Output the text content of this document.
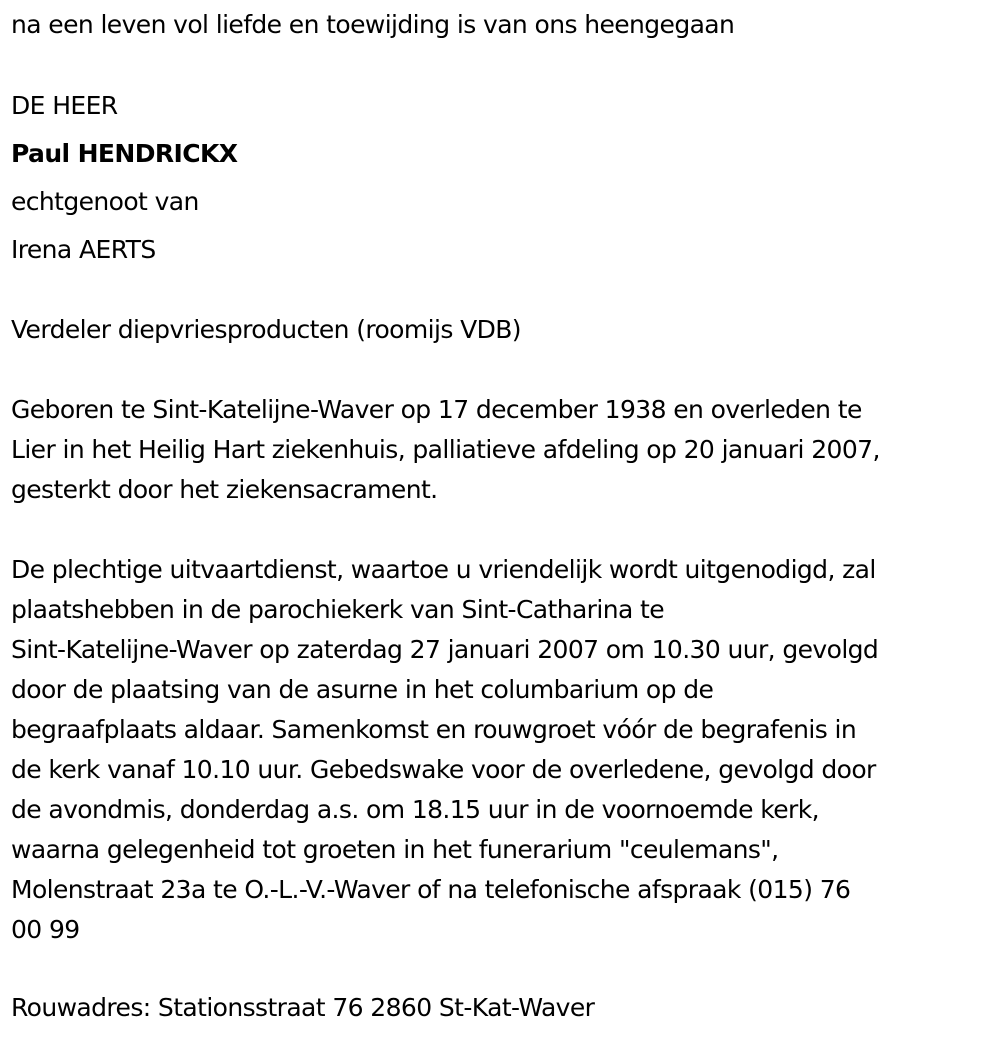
na een leven vol liefde en toewijding is van ons heengegaan

DE HEER

Paul HENDRICKX

echtgenoot van

Irena AERTS

Verdeler diepvriesproducten (roomijs VDB)

Geboren te Sint-Katelijne-Waver op 17 december 1938 en overleden te

Lier in het Heilig Hart ziekenhuis, palliatieve afdeling op 20 januari 2007,

gesterkt door het ziekensacrament.

De plechtige uitvaartdienst, waartoe u vriendelijk wordt uitgenodigd, zal

plaatshebben in de parochiekerk van Sint-Catharina te

Sint-Katelijne-Waver op zaterdag 27 januari 2007 om 10.30 uur, gevolgd

door de plaatsing van de asurne in het columbarium op de

begraafplaats aldaar. Samenkomst en rouwgroet vóór de begrafenis in

de kerk vanaf 10.10 uur. Gebedswake voor de overledene, gevolgd door

de avondmis, donderdag a.s. om 18.15 uur in de voornoemde kerk,

waarna gelegenheid tot groeten in het funerarium "ceulemans",

Molenstraat 23a te O.-L.-V.-Waver of na telefonische afspraak (015) 76

00 99

Rouwadres: Stationsstraat 76 2860 St-Kat-Waver
